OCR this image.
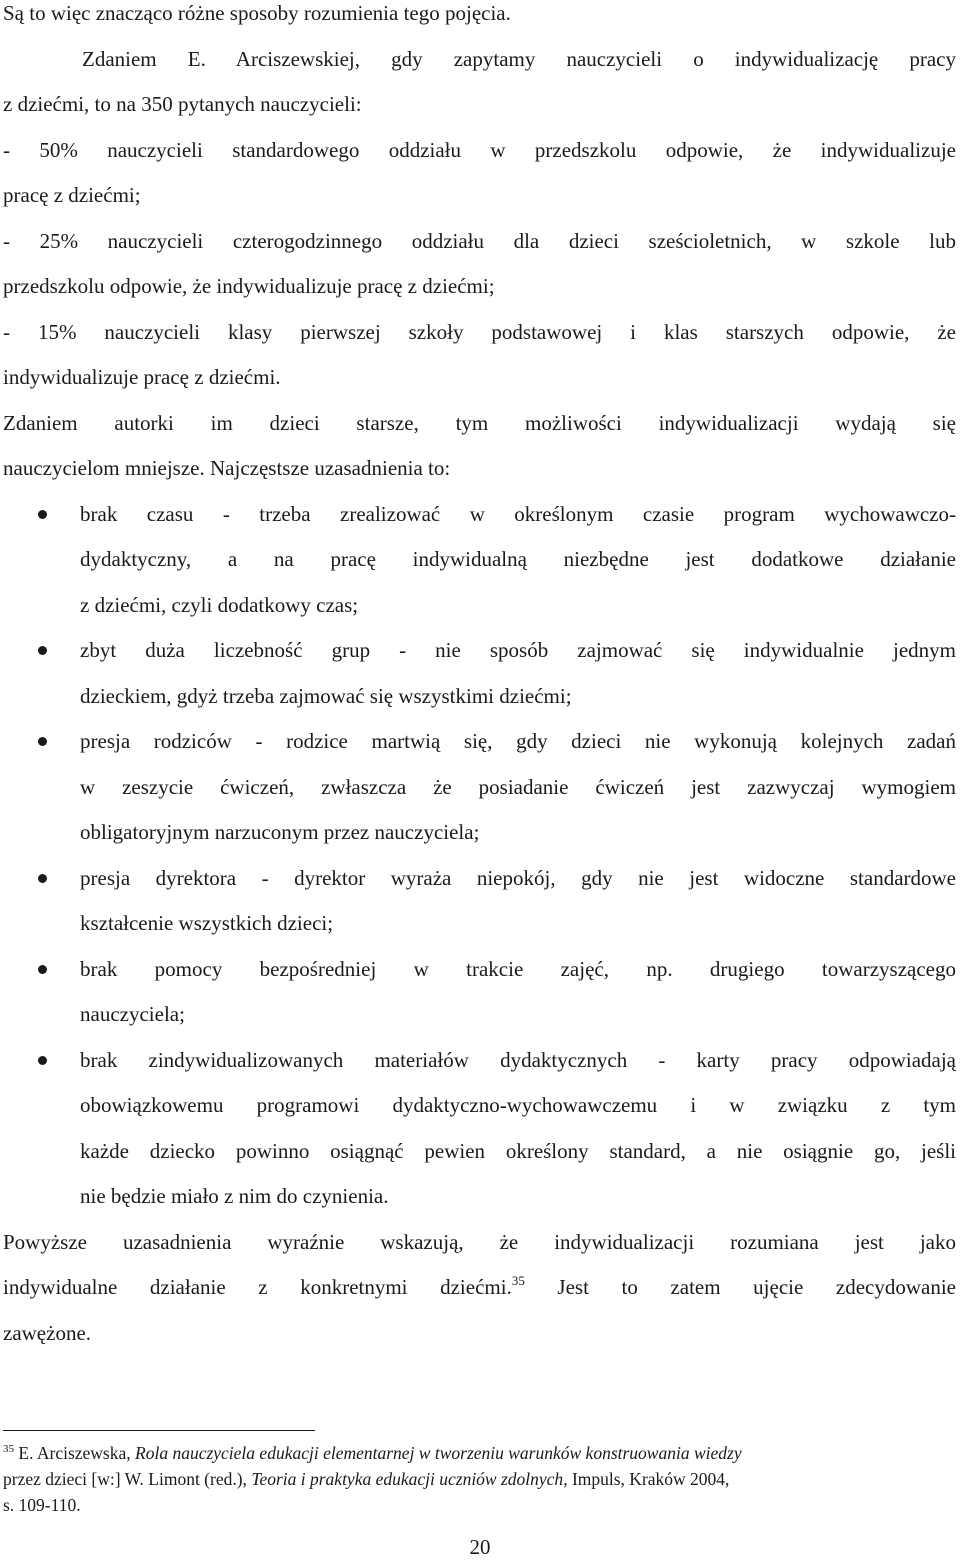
Są to więc znacząco różne sposoby rozumienia tego pojęcia.
Zdaniem E. Arciszewskiej, gdy zapytamy nauczycieli o indywidualizację pracy
z dziećmi, to na 350 pytanych nauczycieli:
- 50% nauczycieli standardowego oddziału w przedszkolu odpowie, że indywidualizuje
pracę z dziećmi;
- 25% nauczycieli czterogodzinnego oddziału dla dzieci sześcioletnich, w szkole lub
przedszkolu odpowie, że indywidualizuje pracę z dziećmi;
- 15% nauczycieli klasy pierwszej szkoły podstawowej i klas starszych odpowie, że
indywidualizuje pracę z dziećmi.
Zdaniem autorki im dzieci starsze, tym możliwości indywidualizacji wydają się
nauczycielom mniejsze. Najczęstsze uzasadnienia to:
brak czasu - trzeba zrealizować w określonym czasie program wychowawczo-
dydaktyczny, a na pracę indywidualną niezbędne jest dodatkowe działanie
z dziećmi, czyli dodatkowy czas;
zbyt duża liczebność grup - nie sposób zajmować się indywidualnie jednym
dzieckiem, gdyż trzeba zajmować się wszystkimi dziećmi;
presja rodziców - rodzice martwią się, gdy dzieci nie wykonują kolejnych zadań
w zeszycie ćwiczeń, zwłaszcza że posiadanie ćwiczeń jest zazwyczaj wymogiem
obligatoryjnym narzuconym przez nauczyciela;
presja dyrektora - dyrektor wyraża niepokój, gdy nie jest widoczne standardowe
kształcenie wszystkich dzieci;
brak pomocy bezpośredniej w trakcie zajęć, np. drugiego towarzyszącego
nauczyciela;
brak zindywidualizowanych materiałów dydaktycznych - karty pracy odpowiadają
obowiązkowemu programowi dydaktyczno-wychowawczemu i w związku z tym
każde dziecko powinno osiągnąć pewien określony standard, a nie osiągnie go, jeśli
nie będzie miało z nim do czynienia.
Powyższe uzasadnienia wyraźnie wskazują, że indywidualizacji rozumiana jest jako
indywidualne działanie z konkretnymi dziećmi.$^{35}$ Jest to zatem ujęcie zdecydowanie
zawężone.
$^{35}$ E. Arciszewska, Rola nauczyciela edukacji elementarnej w tworzeniu warunków konstruowania wiedzy
przez dzieci [w:] W. Limont (red.), Teoria i praktyka edukacji uczniów zdolnych, Impuls, Kraków 2004,
s. 109-110.
20
